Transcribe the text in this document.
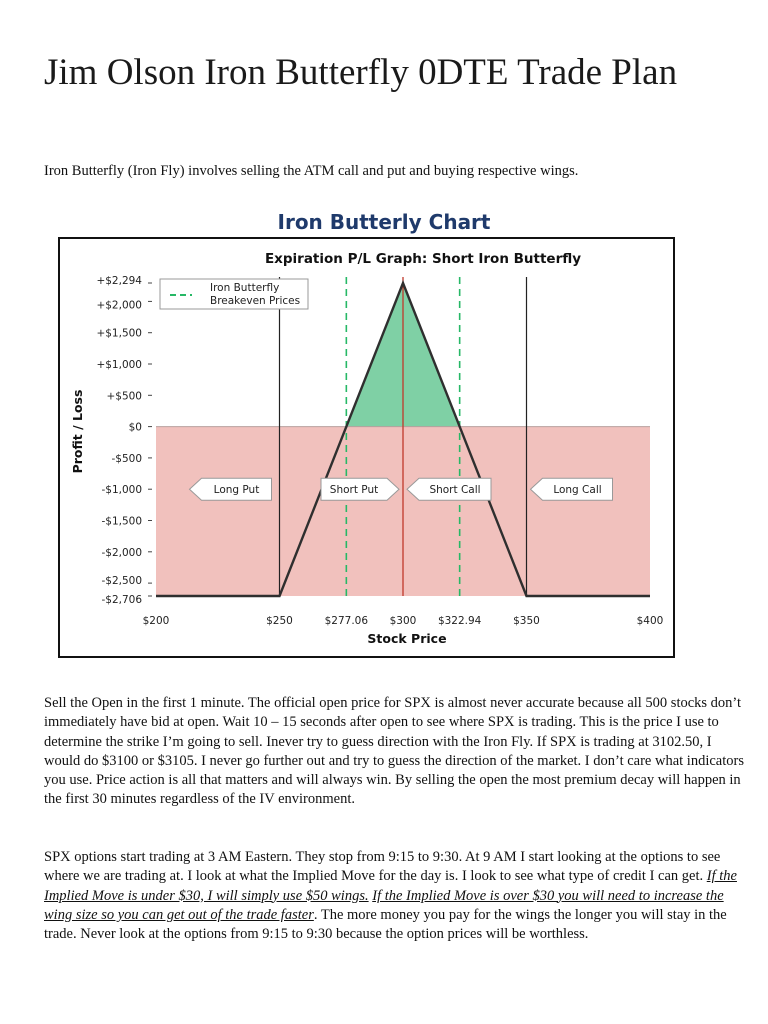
Jim Olson Iron Butterfly 0DTE Trade Plan

Iron Butterfly (Iron Fly) involves selling the ATM call and put and buying respective wings.

Iron Butterly Chart
Expiration P/L Graph: Short Iron Butterfly
+$2,294
+$2,000
+$1,500
+$1,000
+$500
$0
-$500
-$1,000
-$1,500
-$2,000
-$2,500
-$2,706
$200	$250	$277.06 $300 $322.94	$350	$400
Stock Price
Profit / Loss
Iron Butterfly
Breakeven Prices
Long Put	Short Put	Short Call	Long Call

Sell the Open in the first 1 minute. The official open price for SPX is almost never accurate because all 500 stocks don’t immediately have bid at open. Wait 10 – 15 seconds after open to see where SPX is trading. This is the price I use to determine the strike I’m going to sell. Inever try to guess direction with the Iron Fly. If SPX is trading at 3102.50, I would do $3100 or $3105. I never go further out and try to guess the direction of the market. I don’t care what indicators you use. Price action is all that matters and will always win. By selling the open the most premium decay will happen in the first 30 minutes regardless of the IV environment.

SPX options start trading at 3 AM Eastern. They stop from 9:15 to 9:30. At 9 AM I start looking at the options to see where we are trading at. I look at what the Implied Move for the day is. I look to see what type of credit I can get. If the Implied Move is under $30, I will simply use $50 wings. If the Implied Move is over $30 you will need to increase the wing size so you can get out of the trade faster. The more money you pay for the wings the longer you will stay in the trade. Never look at the options from 9:15 to 9:30 because the option prices will be worthless.
